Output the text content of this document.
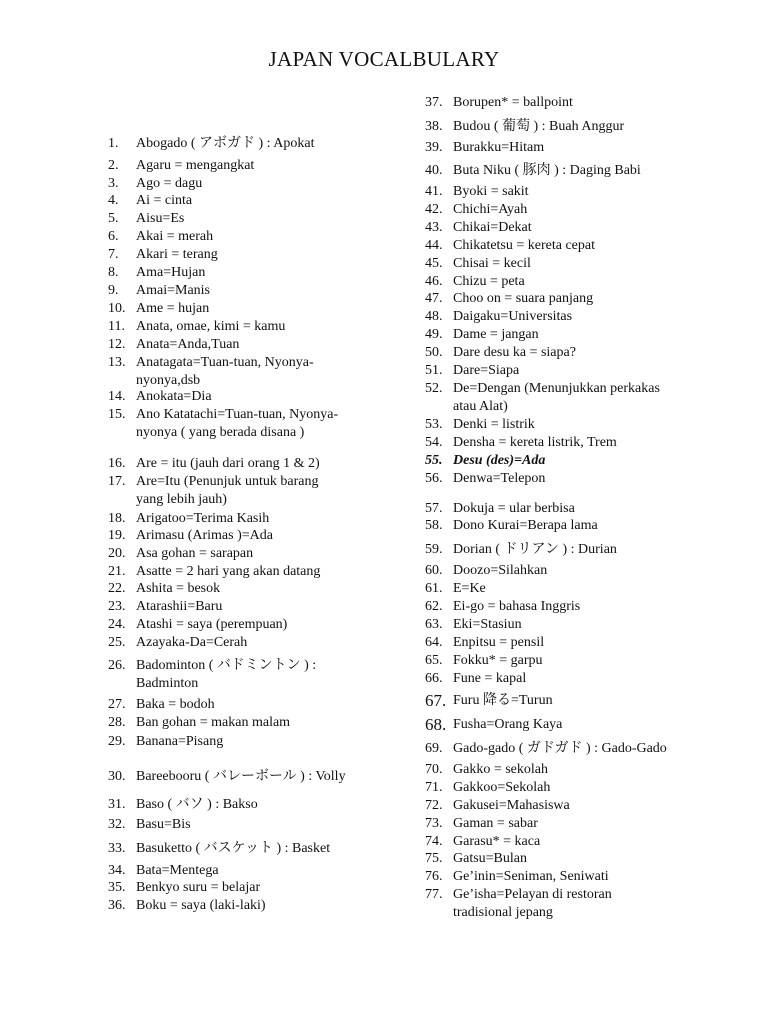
JAPAN VOCALBULARY
1.	Abogado ( アボガド ) : Apokat
2.	Agaru = mengangkat
3.	Ago = dagu
4.	Ai = cinta
5.	Aisu=Es
6.	Akai = merah
7.	Akari = terang
8.	Ama=Hujan
9.	Amai=Manis
10. Ame = hujan
11. Anata, omae, kimi = kamu
12. Anata=Anda,Tuan
13. Anatagata=Tuan-tuan, Nyonya-
nyonya,dsb
14. Anokata=Dia
15. Ano Katatachi=Tuan-tuan, Nyonya-
nyonya ( yang berada disana )
16. Are = itu (jauh dari orang 1 & 2)
17. Are=Itu (Penunjuk untuk barang
yang lebih jauh)
18. Arigatoo=Terima Kasih
19. Arimasu (Arimas )=Ada
20. Asa gohan = sarapan
21. Asatte = 2 hari yang akan datang
22. Ashita = besok
23. Atarashii=Baru
24. Atashi = saya (perempuan)
25. Azayaka-Da=Cerah
26. Badominton ( バドミントン ) :
Badminton
27. Baka = bodoh
28. Ban gohan = makan malam
29. Banana=Pisang
30. Bareebooru ( バレーボール ) : Volly
31. Baso ( バソ ) : Bakso
32. Basu=Bis
33. Basuketto ( バスケット ) : Basket
34. Bata=Mentega
35. Benkyo suru = belajar
36. Boku = saya (laki-laki)
37. Borupen* = ballpoint
38. Budou ( 葡萄 ) : Buah Anggur
39. Burakku=Hitam
40. Buta Niku ( 豚肉 ) : Daging Babi
41. Byoki = sakit
42. Chichi=Ayah
43. Chikai=Dekat
44. Chikatetsu = kereta cepat
45. Chisai = kecil
46. Chizu = peta
47. Choo on = suara panjang
48. Daigaku=Universitas
49. Dame = jangan
50. Dare desu ka = siapa?
51. Dare=Siapa
52. De=Dengan (Menunjukkan perkakas
atau Alat)
53. Denki = listrik
54. Densha = kereta listrik, Trem
55. Desu (des)=Ada
56. Denwa=Telepon
57. Dokuja = ular berbisa
58. Dono Kurai=Berapa lama
59. Dorian ( ドリアン ) : Durian
60. Doozo=Silahkan
61. E=Ke
62. Ei-go = bahasa Inggris
63. Eki=Stasiun
64. Enpitsu = pensil
65. Fokku* = garpu
66. Fune = kapal
67. Furu 降る=Turun
68. Fusha=Orang Kaya
69. Gado-gado ( ガドガド ) : Gado-Gado
70. Gakko = sekolah
71. Gakkoo=Sekolah
72. Gakusei=Mahasiswa
73. Gaman = sabar
74. Garasu* = kaca
75. Gatsu=Bulan
76. Ge’inin=Seniman, Seniwati
77. Ge’isha=Pelayan di restoran
tradisional jepang
